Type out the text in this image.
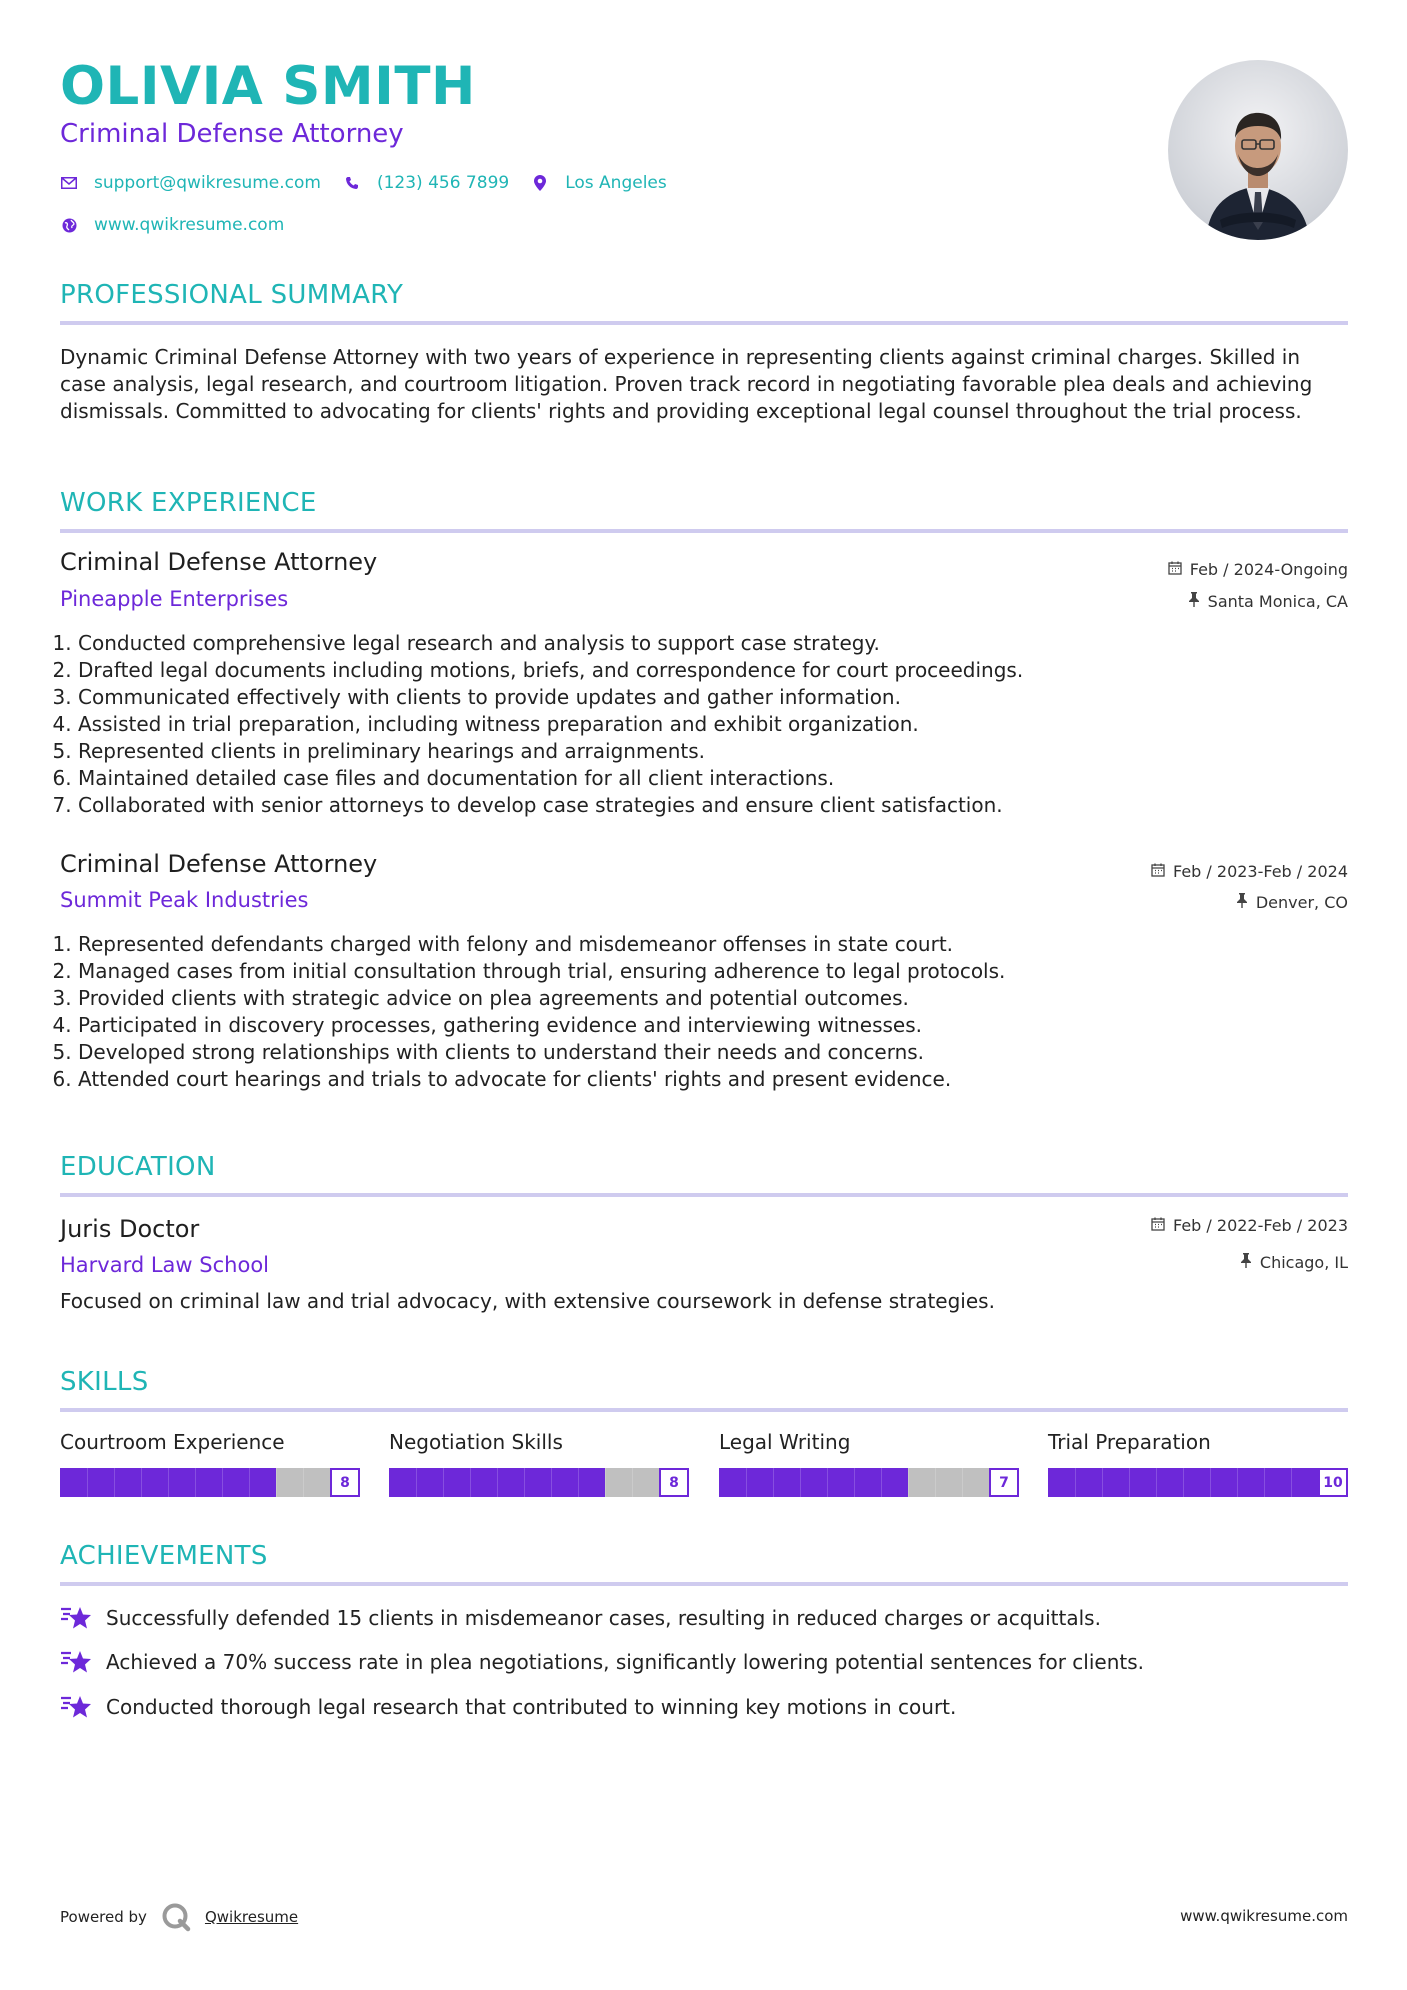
OLIVIA SMITH
Criminal Defense Attorney
support@qwikresume.com	(123) 456 7899	Los Angeles
www.qwikresume.com
PROFESSIONAL SUMMARY
Dynamic Criminal Defense Attorney with two years of experience in representing clients against criminal charges. Skilled in case analysis, legal research, and courtroom litigation. Proven track record in negotiating favorable plea deals and achieving dismissals. Committed to advocating for clients' rights and providing exceptional legal counsel throughout the trial process.
WORK EXPERIENCE
Criminal Defense Attorney
Pineapple Enterprises
Feb / 2024-Ongoing
Santa Monica, CA
1. Conducted comprehensive legal research and analysis to support case strategy.
2. Drafted legal documents including motions, briefs, and correspondence for court proceedings.
3. Communicated effectively with clients to provide updates and gather information.
4. Assisted in trial preparation, including witness preparation and exhibit organization.
5. Represented clients in preliminary hearings and arraignments.
6. Maintained detailed case files and documentation for all client interactions.
7. Collaborated with senior attorneys to develop case strategies and ensure client satisfaction.
Criminal Defense Attorney
Summit Peak Industries
Feb / 2023-Feb / 2024
Denver, CO
1. Represented defendants charged with felony and misdemeanor offenses in state court.
2. Managed cases from initial consultation through trial, ensuring adherence to legal protocols.
3. Provided clients with strategic advice on plea agreements and potential outcomes.
4. Participated in discovery processes, gathering evidence and interviewing witnesses.
5. Developed strong relationships with clients to understand their needs and concerns.
6. Attended court hearings and trials to advocate for clients' rights and present evidence.
EDUCATION
Juris Doctor
Harvard Law School
Feb / 2022-Feb / 2023
Chicago, IL
Focused on criminal law and trial advocacy, with extensive coursework in defense strategies.
SKILLS
Courtroom Experience
8
Negotiation Skills
8
Legal Writing
7
Trial Preparation
10
ACHIEVEMENTS
Successfully defended 15 clients in misdemeanor cases, resulting in reduced charges or acquittals.
Achieved a 70% success rate in plea negotiations, significantly lowering potential sentences for clients.
Conducted thorough legal research that contributed to winning key motions in court.
Powered by	Qwikresume	www.qwikresume.com
